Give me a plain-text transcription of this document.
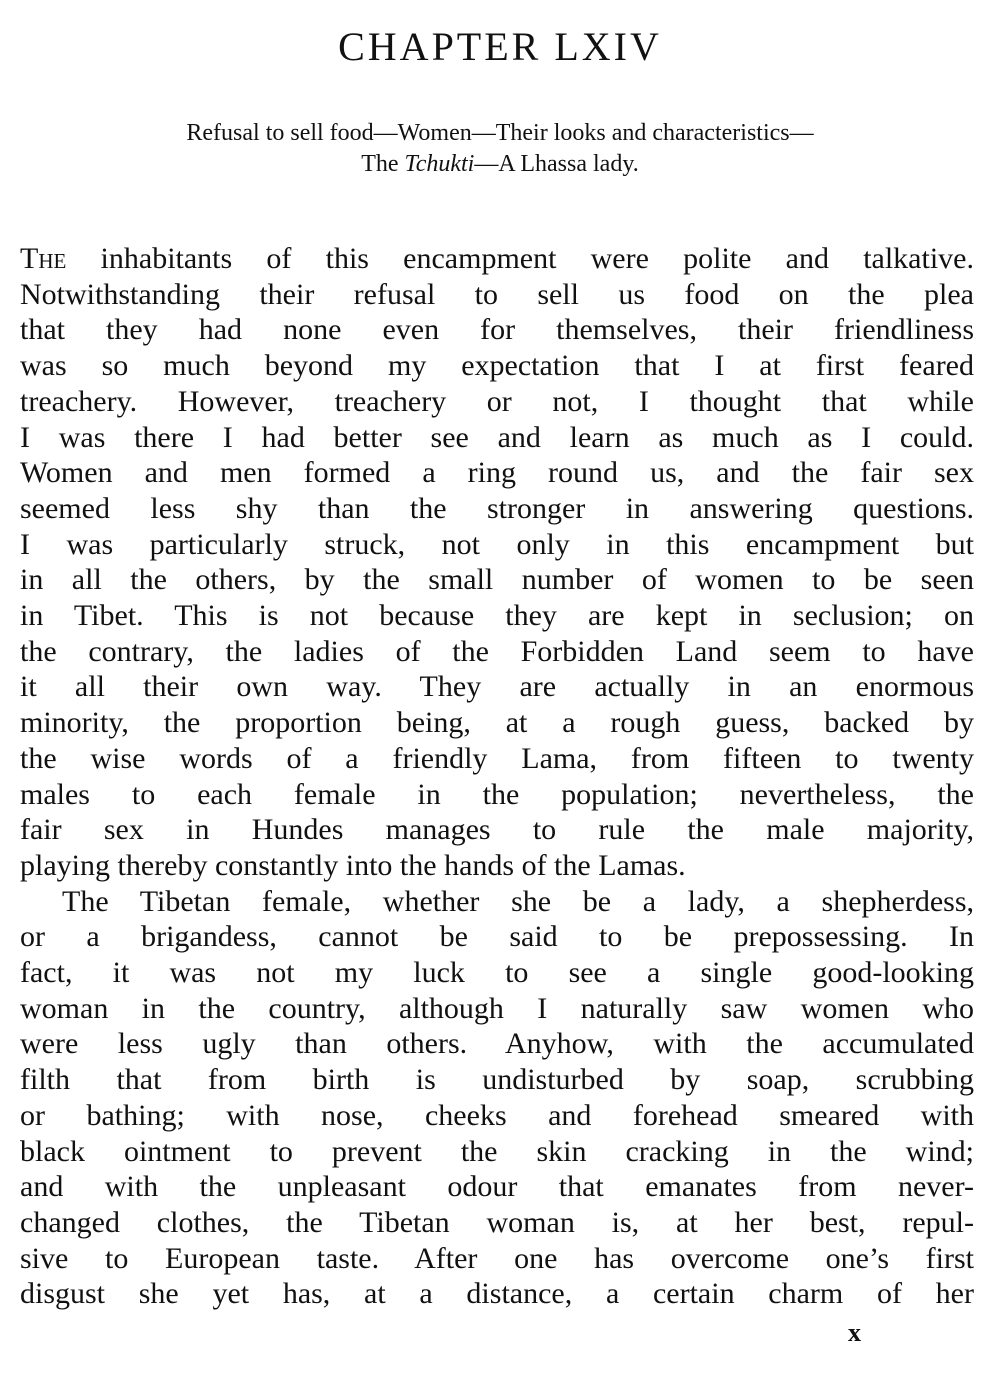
CHAPTER LXIV
Refusal to sell food—Women—Their looks and characteristics—
The Tchukti—A Lhassa lady.
The inhabitants of this encampment were polite and talkative.
Notwithstanding their refusal to sell us food on the plea
that they had none even for themselves, their friendliness
was so much beyond my expectation that I at first feared
treachery. However, treachery or not, I thought that while
I was there I had better see and learn as much as I could.
Women and men formed a ring round us, and the fair sex
seemed less shy than the stronger in answering questions.
I was particularly struck, not only in this encampment but
in all the others, by the small number of women to be seen
in Tibet. This is not because they are kept in seclusion; on
the contrary, the ladies of the Forbidden Land seem to have
it all their own way. They are actually in an enormous
minority, the proportion being, at a rough guess, backed by
the wise words of a friendly Lama, from fifteen to twenty
males to each female in the population; nevertheless, the
fair sex in Hundes manages to rule the male majority,
playing thereby constantly into the hands of the Lamas.
The Tibetan female, whether she be a lady, a shepherdess,
or a brigandess, cannot be said to be prepossessing. In
fact, it was not my luck to see a single good-looking
woman in the country, although I naturally saw women who
were less ugly than others. Anyhow, with the accumulated
filth that from birth is undisturbed by soap, scrubbing
or bathing; with nose, cheeks and forehead smeared with
black ointment to prevent the skin cracking in the wind;
and with the unpleasant odour that emanates from never-
changed clothes, the Tibetan woman is, at her best, repul-
sive to European taste. After one has overcome one’s first
disgust she yet has, at a distance, a certain charm of her
x
